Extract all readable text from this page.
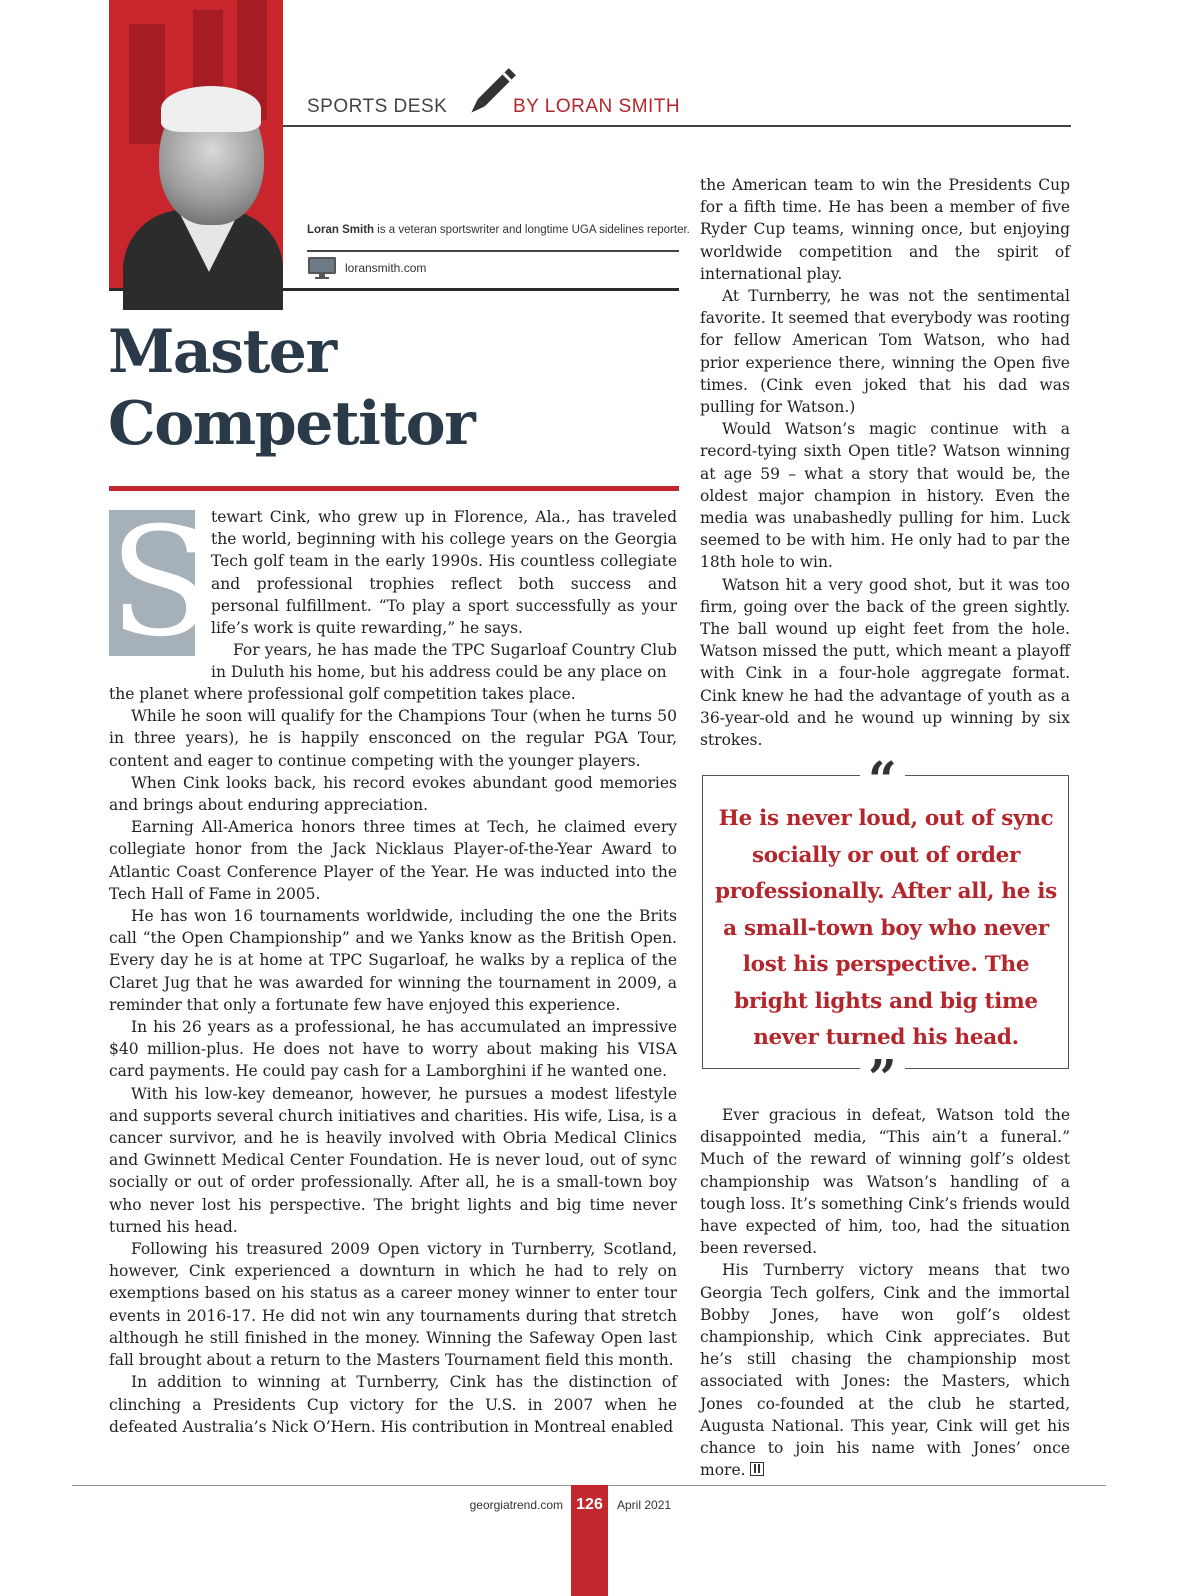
SPORTS DESK	BY LORAN SMITH
Loran Smith is a veteran sportswriter and longtime UGA sidelines reporter.
loransmith.com
Master
Competitor
S tewart Cink, who grew up in Florence, Ala., has traveled the world, beginning with his college years on the Georgia Tech golf team in the early 1990s. His countless collegiate and professional trophies reflect both success and personal fulfillment. “To play a sport successfully as your life’s work is quite rewarding,” he says.

For years, he has made the TPC Sugarloaf Country Club in Duluth his home, but his address could be any place on

the planet where professional golf competition takes place.

While he soon will qualify for the Champions Tour (when he turns 50 in three years), he is happily ensconced on the regular PGA Tour, content and eager to continue competing with the younger players.

When Cink looks back, his record evokes abundant good memories and brings about enduring appreciation.

Earning All-America honors three times at Tech, he claimed every collegiate honor from the Jack Nicklaus Player-of-the-Year Award to Atlantic Coast Conference Player of the Year. He was inducted into the Tech Hall of Fame in 2005.

He has won 16 tournaments worldwide, including the one the Brits call “the Open Championship” and we Yanks know as the British Open. Every day he is at home at TPC Sugarloaf, he walks by a replica of the Claret Jug that he was awarded for winning the tournament in 2009, a reminder that only a fortunate few have enjoyed this experience.

In his 26 years as a professional, he has accumulated an impressive $40 million-plus. He does not have to worry about making his VISA card payments. He could pay cash for a Lamborghini if he wanted one.

With his low-key demeanor, however, he pursues a modest lifestyle and supports several church initiatives and charities. His wife, Lisa, is a cancer survivor, and he is heavily involved with Obria Medical Clinics and Gwinnett Medical Center Foundation. He is never loud, out of sync socially or out of order professionally. After all, he is a small-town boy who never lost his perspective. The bright lights and big time never turned his head.

Following his treasured 2009 Open victory in Turnberry, Scotland, however, Cink experienced a downturn in which he had to rely on exemptions based on his status as a career money winner to enter tour events in 2016-17. He did not win any tournaments during that stretch although he still finished in the money. Winning the Safeway Open last fall brought about a return to the Masters Tournament field this month.

In addition to winning at Turnberry, Cink has the distinction of clinching a Presidents Cup victory for the U.S. in 2007 when he defeated Australia’s Nick O’Hern. His contribution in Montreal enabled

the American team to win the Presidents Cup for a fifth time. He has been a member of five Ryder Cup teams, winning once, but enjoying worldwide competition and the spirit of international play.

At Turnberry, he was not the sentimental favorite. It seemed that everybody was rooting for fellow American Tom Watson, who had prior experience there, winning the Open five times. (Cink even joked that his dad was pulling for Watson.)

Would Watson’s magic continue with a record-tying sixth Open title? Watson winning at age 59 – what a story that would be, the oldest major champion in history. Even the media was unabashedly pulling for him. Luck seemed to be with him. He only had to par the 18th hole to win.

Watson hit a very good shot, but it was too firm, going over the back of the green sightly. The ball wound up eight feet from the hole. Watson missed the putt, which meant a playoff with Cink in a four-hole aggregate format. Cink knew he had the advantage of youth as a 36-year-old and he wound up winning by six strokes.

“
He is never loud, out of sync socially or out of order professionally. After all, he is a small-town boy who never lost his perspective. The bright lights and big time never turned his head.
”

Ever gracious in defeat, Watson told the disappointed media, “This ain’t a funeral.” Much of the reward of winning golf’s oldest championship was Watson’s handling of a tough loss. It’s something Cink’s friends would have expected of him, too, had the situation been reversed.

His Turnberry victory means that two Georgia Tech golfers, Cink and the immortal Bobby Jones, have won golf’s oldest championship, which Cink appreciates. But he’s still chasing the championship most associated with Jones: the Masters, which Jones co-founded at the club he started, Augusta National. This year, Cink will get his chance to join his name with Jones’ once more.

georgiatrend.com 126	April 2021
